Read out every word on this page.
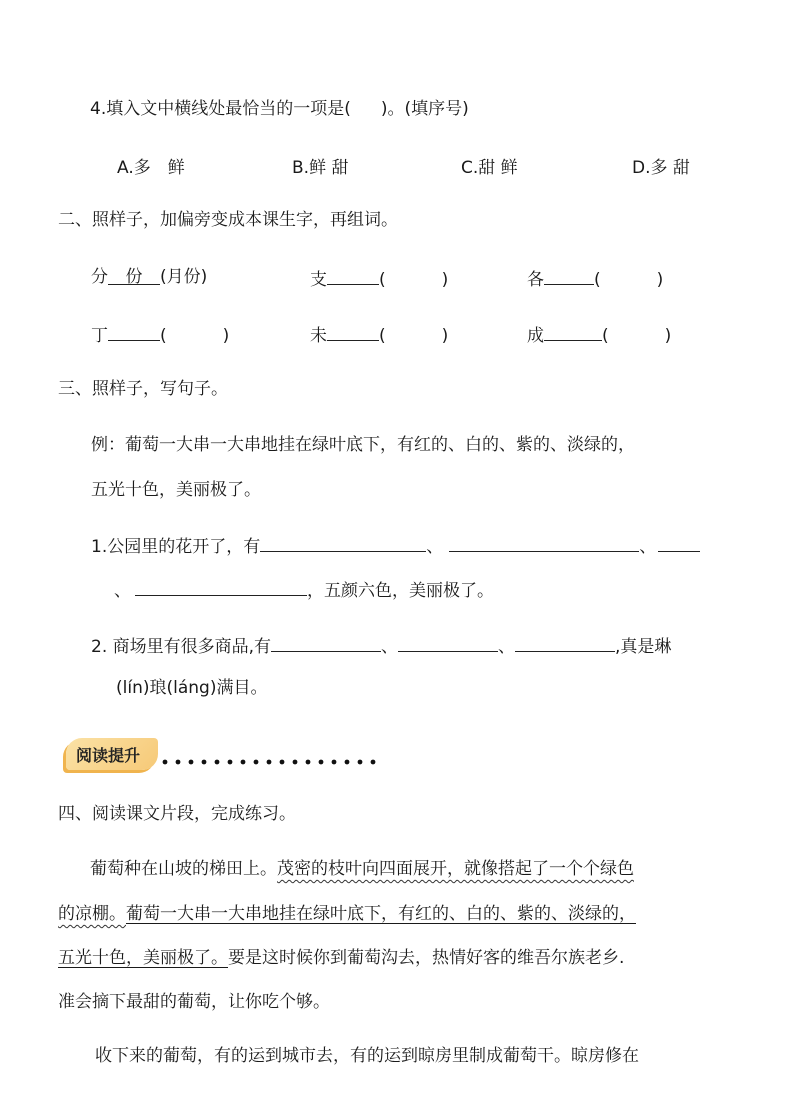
4.填入文中横线处最恰当的一项是( )。(填序号)
A.多　鲜	B.鲜 甜	C.甜 鲜	D.多 甜
二、照样子，加偏旁变成本课生字，再组词。
分 份 (月份)	支	(	)	各	(	)
丁	(	)	未	(	)	成	(	)
三、照样子，写句子。
例：葡萄一大串一大串地挂在绿叶底下，有红的、白的、紫的、淡绿的，
五光十色，美丽极了。
1.公园里的花开了，有	、	、
、	，五颜六色，美丽极了。
2. 商场里有很多商品,有	、	、	,真是琳
(lín)琅(láng)满目。
阅读提升
四、阅读课文片段，完成练习。
葡萄种在山坡的梯田上。茂密的枝叶向四面展开，就像搭起了一个个绿色
的凉棚。葡萄一大串一大串地挂在绿叶底下，有红的、白的、紫的、淡绿的，
五光十色，美丽极了。要是这时候你到葡萄沟去，热情好客的维吾尔族老乡.
准会摘下最甜的葡萄，让你吃个够。
收下来的葡萄，有的运到城市去，有的运到晾房里制成葡萄干。晾房修在
